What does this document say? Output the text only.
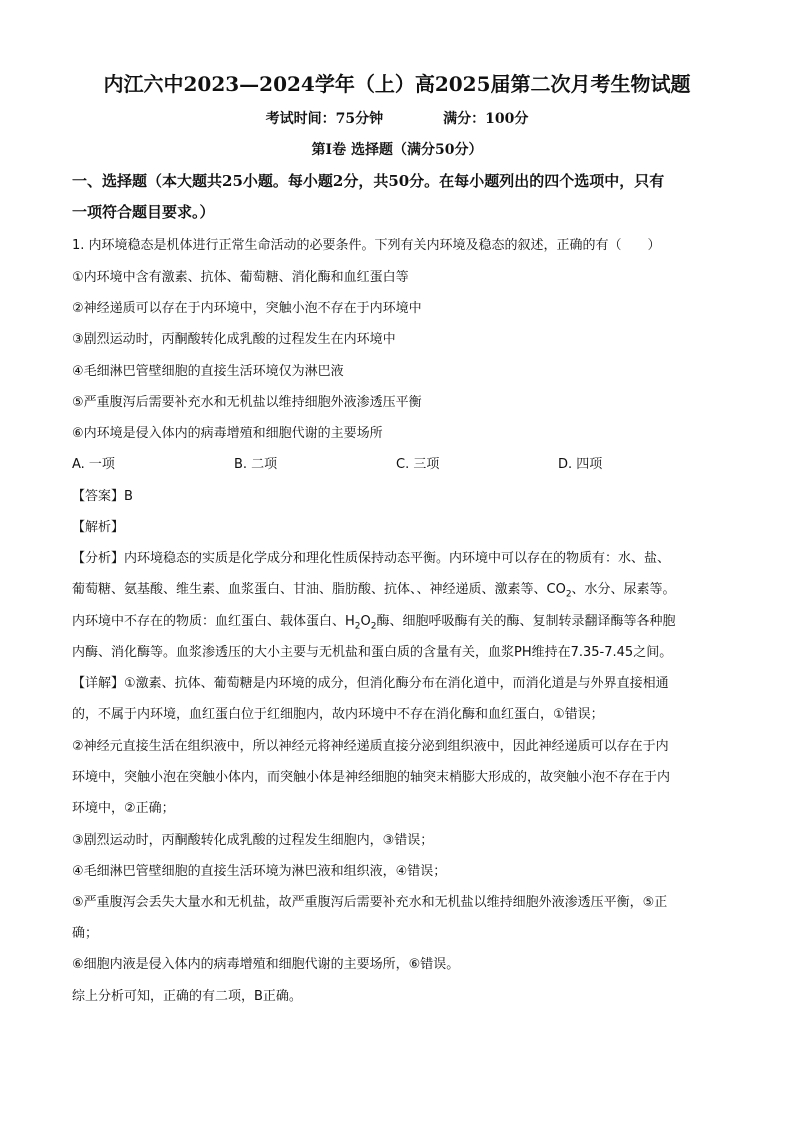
内江六中2023—2024学年（上）高2025届第二次月考生物试题
考试时间：75分钟	满分：100分
第Ⅰ卷 选择题（满分50分）
一、选择题（本大题共25小题。每小题2分，共50分。在每小题列出的四个选项中，只有
一项符合题目要求。）
1. 内环境稳态是机体进行正常生命活动的必要条件。下列有关内环境及稳态的叙述，正确的有（　　）
①内环境中含有激素、抗体、葡萄糖、消化酶和血红蛋白等
②神经递质可以存在于内环境中，突触小泡不存在于内环境中
③剧烈运动时，丙酮酸转化成乳酸的过程发生在内环境中
④毛细淋巴管壁细胞的直接生活环境仅为淋巴液
⑤严重腹泻后需要补充水和无机盐以维持细胞外液渗透压平衡
⑥内环境是侵入体内的病毒增殖和细胞代谢的主要场所
A. 一项	B. 二项	C. 三项	D. 四项
【答案】B
【解析】
【分析】内环境稳态的实质是化学成分和理化性质保持动态平衡。内环境中可以存在的物质有：水、盐、
葡萄糖、氨基酸、维生素、血浆蛋白、甘油、脂肪酸、抗体、、神经递质、激素等、$CO_2$、水分、尿素等。
内环境中不存在的物质：血红蛋白、载体蛋白、$H_2O_2$酶、细胞呼吸酶有关的酶、复制转录翻译酶等各种胞
内酶、消化酶等。血浆渗透压的大小主要与无机盐和蛋白质的含量有关，血浆PH维持在7.35-7.45之间。
【详解】①激素、抗体、葡萄糖是内环境的成分，但消化酶分布在消化道中，而消化道是与外界直接相通
的，不属于内环境，血红蛋白位于红细胞内，故内环境中不存在消化酶和血红蛋白，①错误；
②神经元直接生活在组织液中，所以神经元将神经递质直接分泌到组织液中，因此神经递质可以存在于内
环境中，突触小泡在突触小体内，而突触小体是神经细胞的轴突末梢膨大形成的，故突触小泡不存在于内
环境中，②正确；
③剧烈运动时，丙酮酸转化成乳酸的过程发生细胞内，③错误；
④毛细淋巴管壁细胞的直接生活环境为淋巴液和组织液，④错误；
⑤严重腹泻会丢失大量水和无机盐，故严重腹泻后需要补充水和无机盐以维持细胞外液渗透压平衡，⑤正
确；
⑥细胞内液是侵入体内的病毒增殖和细胞代谢的主要场所，⑥错误。
综上分析可知，正确的有二项，B正确。
